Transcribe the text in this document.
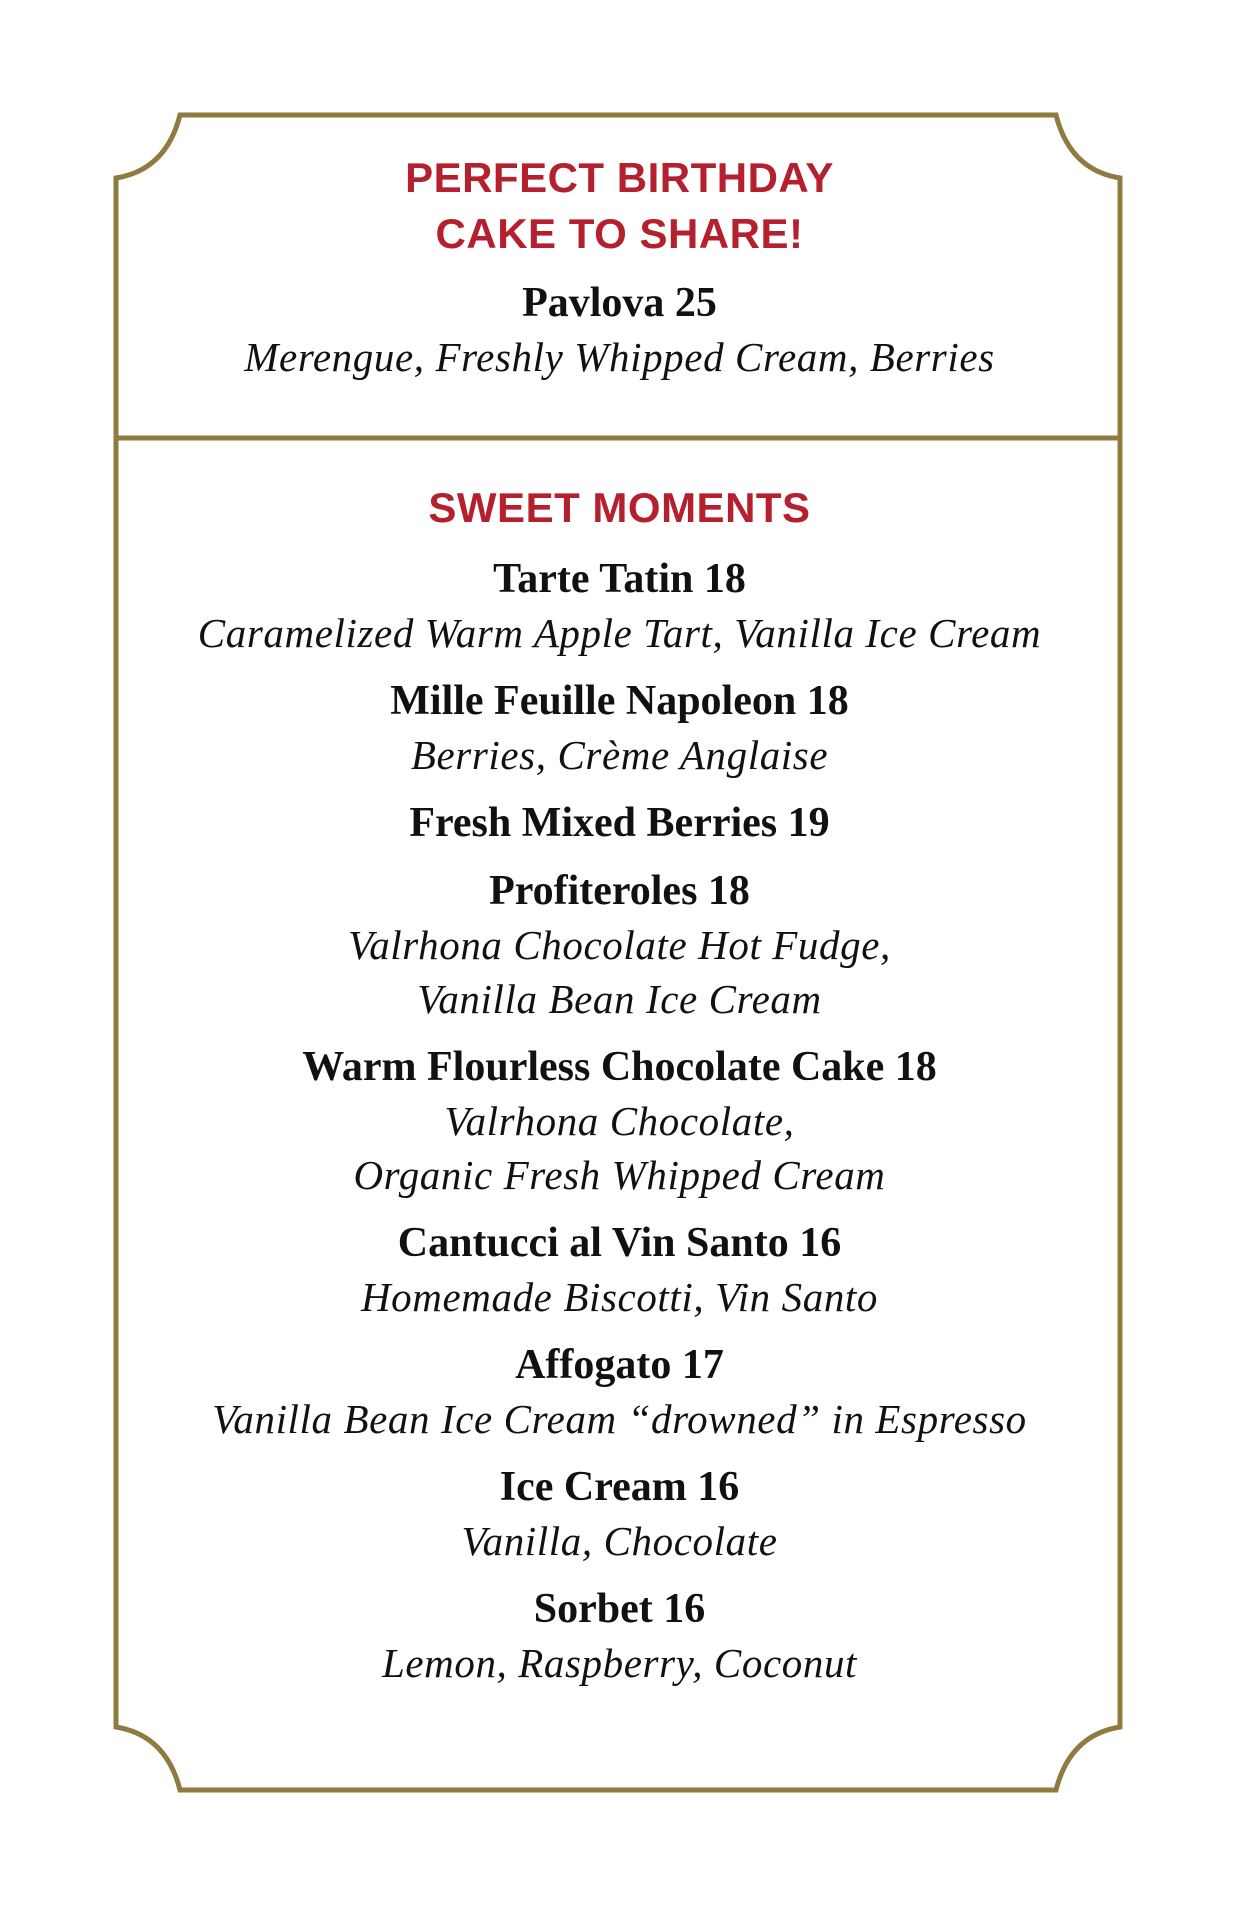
PERFECT BIRTHDAY
CAKE TO SHARE!
Pavlova 25
Merengue, Freshly Whipped Cream, Berries
SWEET MOMENTS
Tarte Tatin 18
Caramelized Warm Apple Tart, Vanilla Ice Cream
Mille Feuille Napoleon 18
Berries, Crème Anglaise
Fresh Mixed Berries 19
Profiteroles 18
Valrhona Chocolate Hot Fudge,
Vanilla Bean Ice Cream
Warm Flourless Chocolate Cake 18
Valrhona Chocolate,
Organic Fresh Whipped Cream
Cantucci al Vin Santo 16
Homemade Biscotti, Vin Santo
Affogato 17
Vanilla Bean Ice Cream “drowned” in Espresso
Ice Cream 16
Vanilla, Chocolate
Sorbet 16
Lemon, Raspberry, Coconut
